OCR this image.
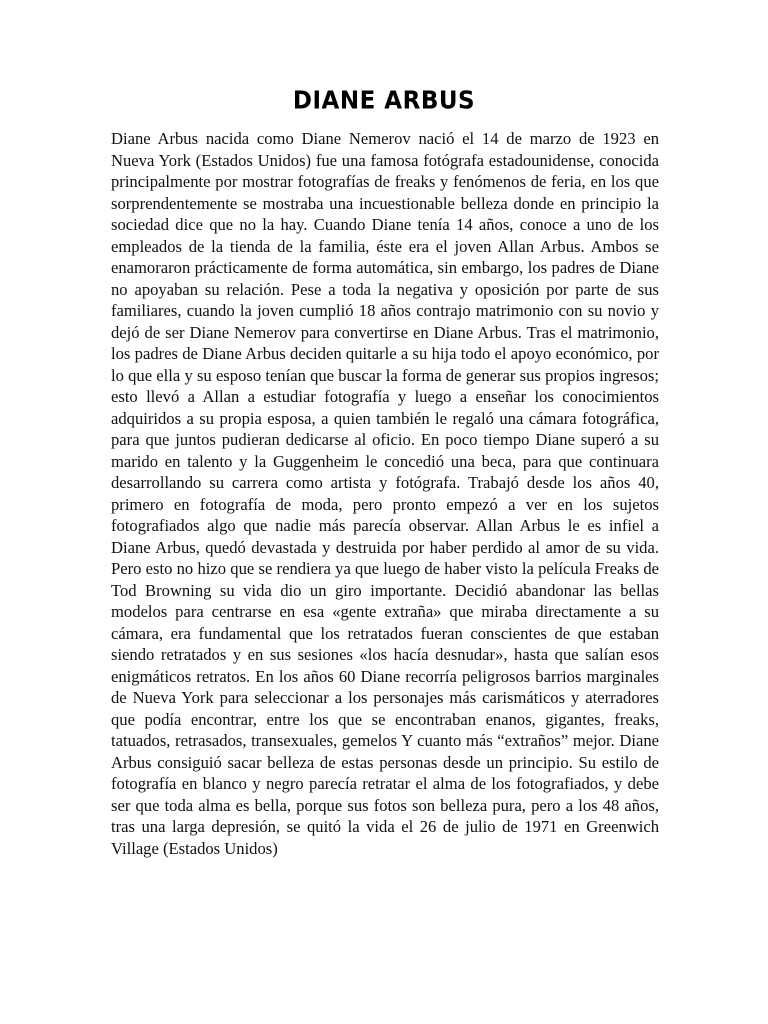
DIANE ARBUS

Diane Arbus nacida como Diane Nemerov nació el 14 de marzo de 1923 en Nueva York (Estados Unidos) fue una famosa fotógrafa estadounidense, conocida principalmente por mostrar fotografías de freaks y fenómenos de feria, en los que sorprendentemente se mostraba una incuestionable belleza donde en principio la sociedad dice que no la hay. Cuando Diane tenía 14 años, conoce a uno de los empleados de la tienda de la familia, éste era el joven Allan Arbus. Ambos se enamoraron prácticamente de forma automática, sin embargo, los padres de Diane no apoyaban su relación. Pese a toda la negativa y oposición por parte de sus familiares, cuando la joven cumplió 18 años contrajo matrimonio con su novio y dejó de ser Diane Nemerov para convertirse en Diane Arbus. Tras el matrimonio, los padres de Diane Arbus deciden quitarle a su hija todo el apoyo económico, por lo que ella y su esposo tenían que buscar la forma de generar sus propios ingresos; esto llevó a Allan a estudiar fotografía y luego a enseñar los conocimientos adquiridos a su propia esposa, a quien también le regaló una cámara fotográfica, para que juntos pudieran dedicarse al oficio. En poco tiempo Diane superó a su marido en talento y la Guggenheim le concedió una beca, para que continuara desarrollando su carrera como artista y fotógrafa. Trabajó desde los años 40, primero en fotografía de moda, pero pronto empezó a ver en los sujetos fotografiados algo que nadie más parecía observar. Allan Arbus le es infiel a Diane Arbus, quedó devastada y destruida por haber perdido al amor de su vida. Pero esto no hizo que se rendiera ya que luego de haber visto la película Freaks de Tod Browning su vida dio un giro importante. Decidió abandonar las bellas modelos para centrarse en esa «gente extraña» que miraba directamente a su cámara, era fundamental que los retratados fueran conscientes de que estaban siendo retratados y en sus sesiones «los hacía desnudar», hasta que salían esos enigmáticos retratos. En los años 60 Diane recorría peligrosos barrios marginales de Nueva York para seleccionar a los personajes más carismáticos y aterradores que podía encontrar, entre los que se encontraban enanos, gigantes, freaks, tatuados, retrasados, transexuales, gemelos Y cuanto más “extraños” mejor. Diane Arbus consiguió sacar belleza de estas personas desde un principio. Su estilo de fotografía en blanco y negro parecía retratar el alma de los fotografiados, y debe ser que toda alma es bella, porque sus fotos son belleza pura, pero a los 48 años, tras una larga depresión, se quitó la vida el 26 de julio de 1971 en Greenwich Village (Estados Unidos)
